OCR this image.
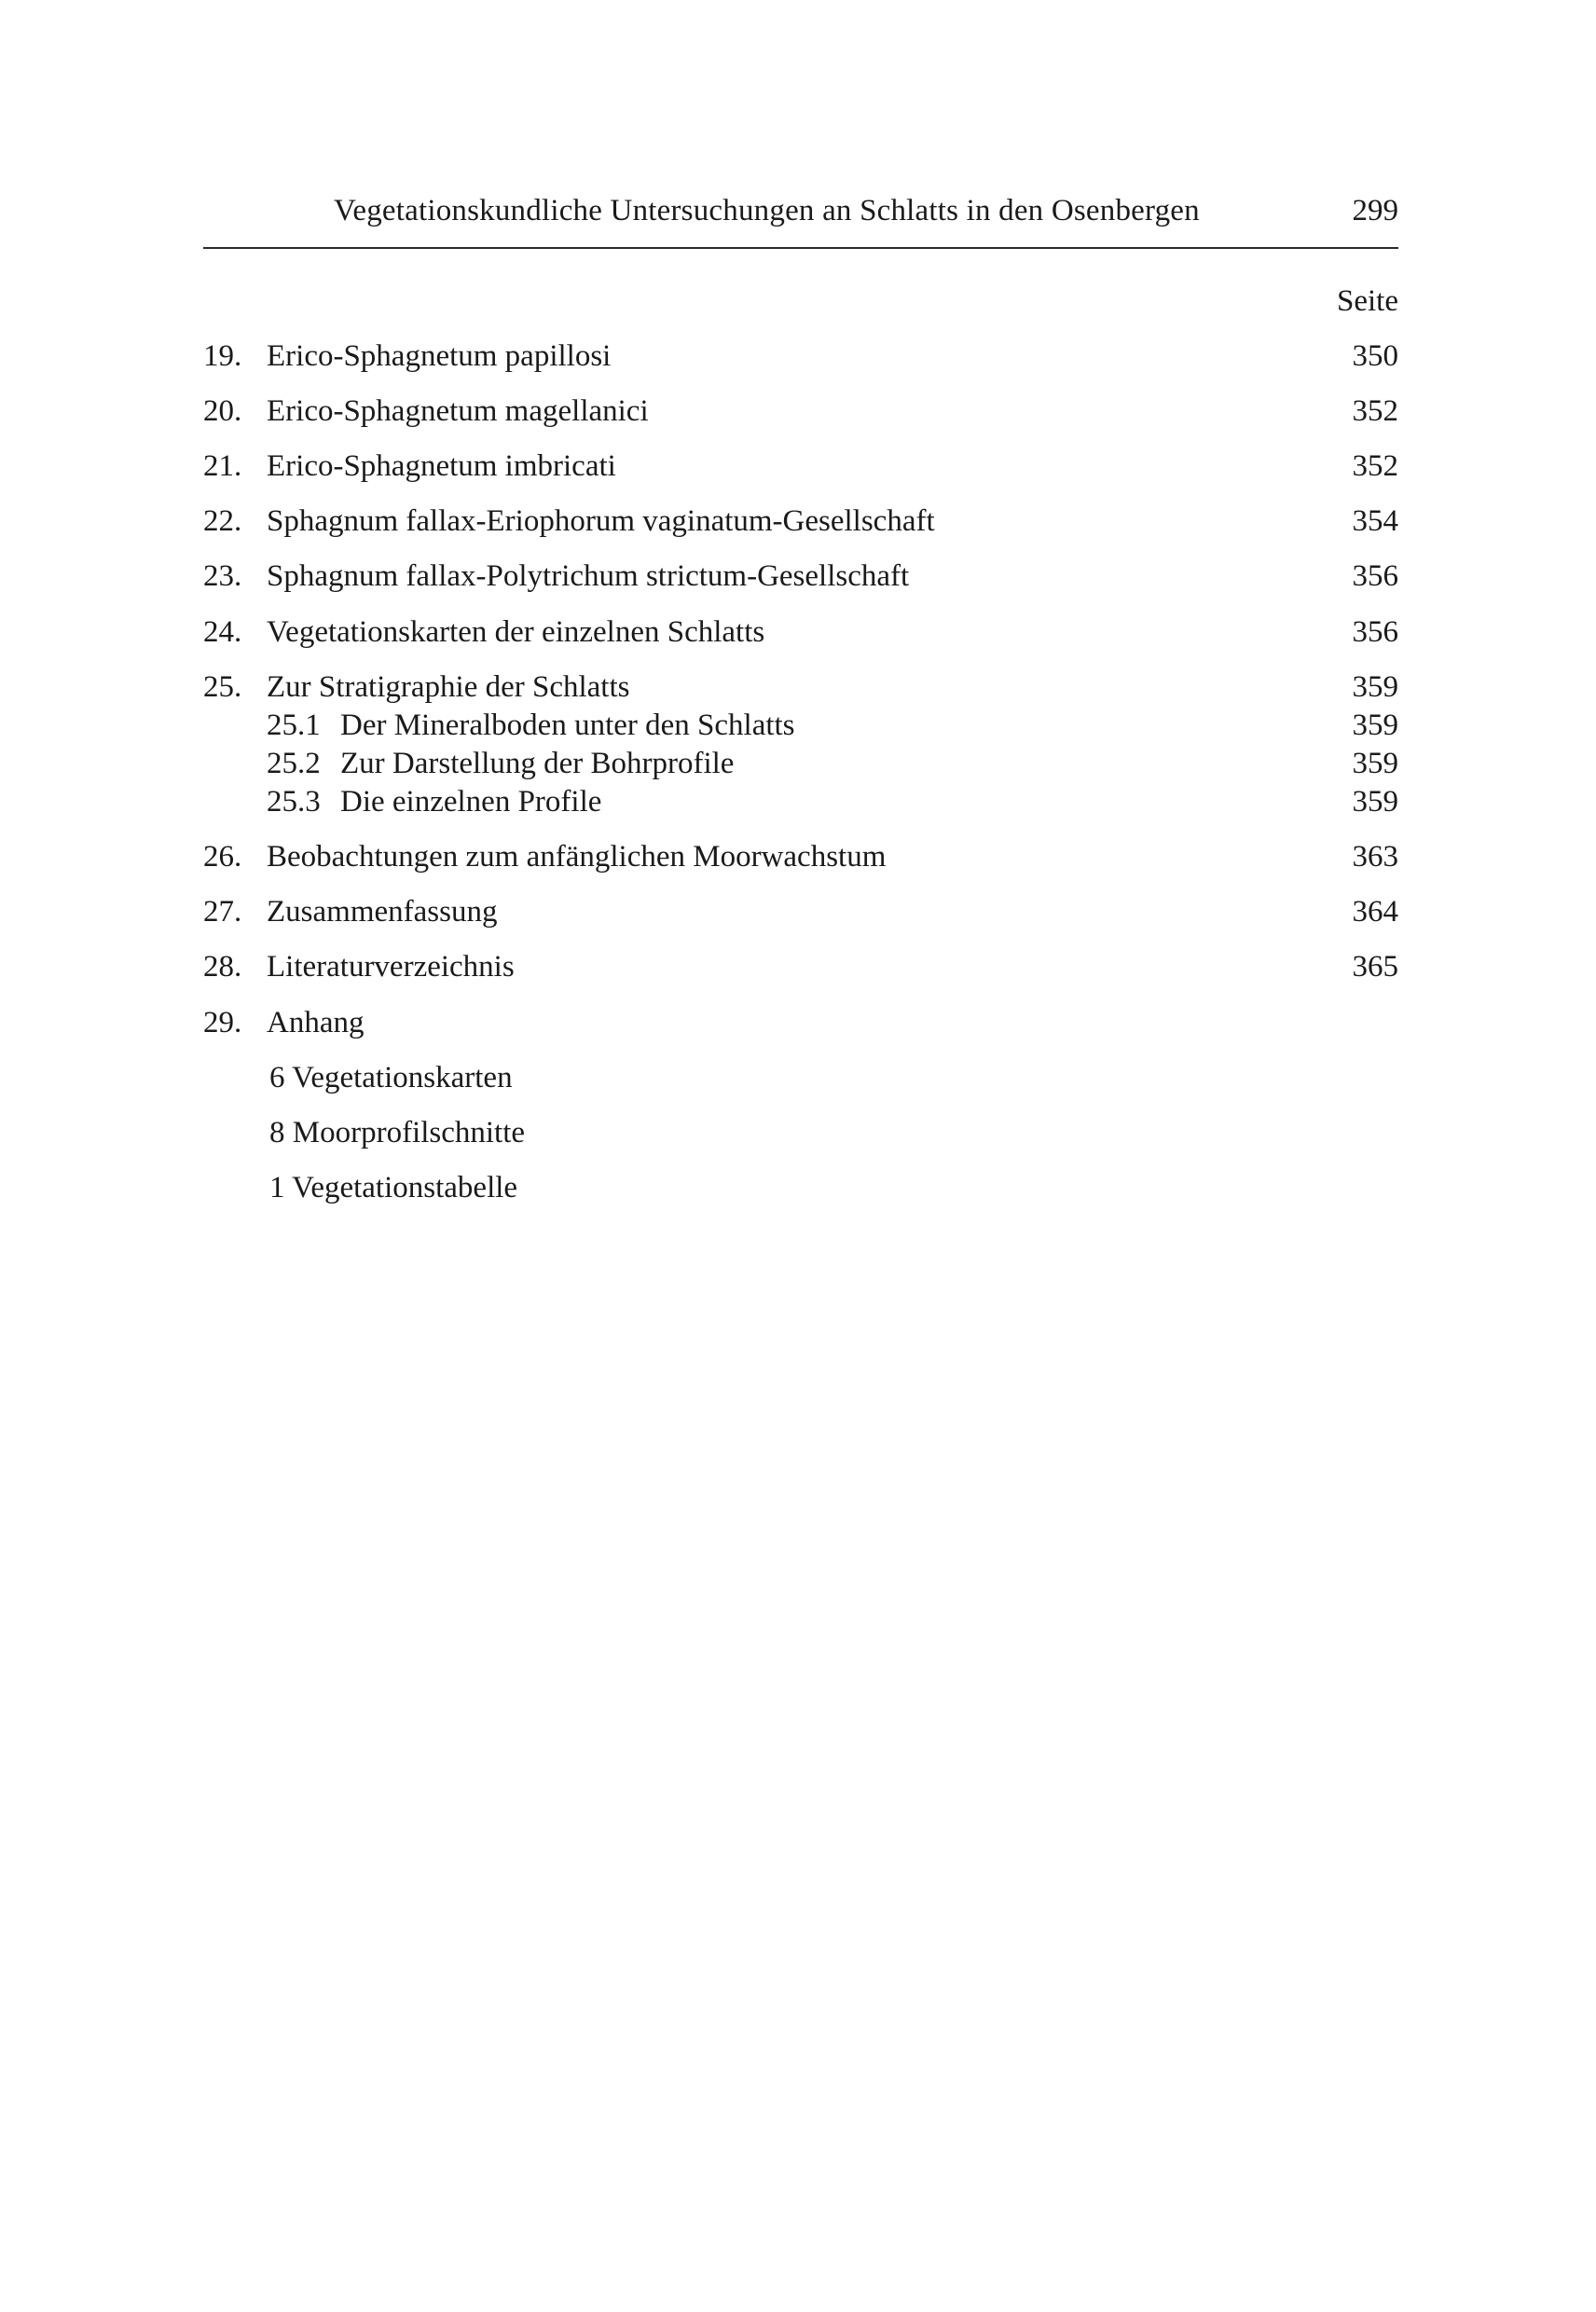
Vegetationskundliche Untersuchungen an Schlatts in den Osenbergen	299
Seite
19. Erico-Sphagnetum papillosi	350
20. Erico-Sphagnetum magellanici	352
21. Erico-Sphagnetum imbricati	352
22. Sphagnum fallax-Eriophorum vaginatum-Gesellschaft	354
23. Sphagnum fallax-Polytrichum strictum-Gesellschaft	356
24. Vegetationskarten der einzelnen Schlatts	356
25. Zur Stratigraphie der Schlatts	359
25.1 Der Mineralboden unter den Schlatts	359
25.2 Zur Darstellung der Bohrprofile	359
25.3 Die einzelnen Profile	359
26. Beobachtungen zum anfänglichen Moorwachstum	363
27. Zusammenfassung	364
28. Literaturverzeichnis	365
29. Anhang
6 Vegetationskarten
8 Moorprofilschnitte
1 Vegetationstabelle
